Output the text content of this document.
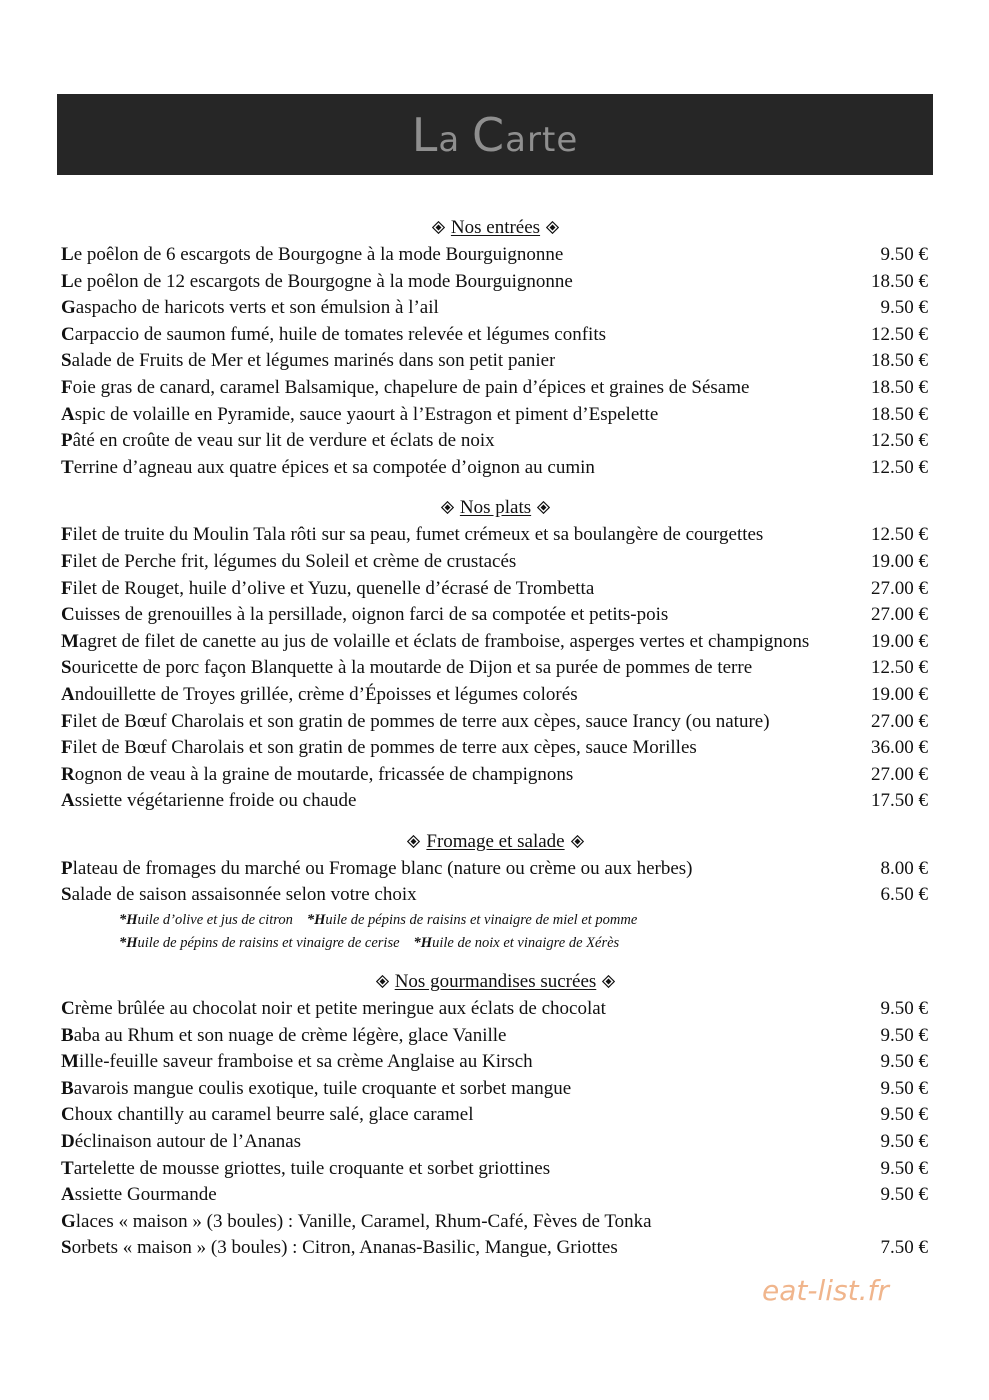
La Carte
Nos entrées
Le poêlon de 6 escargots de Bourgogne à la mode Bourguignonne	9.50 €
Le poêlon de 12 escargots de Bourgogne à la mode Bourguignonne	18.50 €
Gaspacho de haricots verts et son émulsion à l’ail	9.50 €
Carpaccio de saumon fumé, huile de tomates relevée et légumes confits	12.50 €
Salade de Fruits de Mer et légumes marinés dans son petit panier	18.50 €
Foie gras de canard, caramel Balsamique, chapelure de pain d’épices et graines de Sésame	18.50 €
Aspic de volaille en Pyramide, sauce yaourt à l’Estragon et piment d’Espelette	18.50 €
Pâté en croûte de veau sur lit de verdure et éclats de noix	12.50 €
Terrine d’agneau aux quatre épices et sa compotée d’oignon au cumin	12.50 €
Nos plats
Filet de truite du Moulin Tala rôti sur sa peau, fumet crémeux et sa boulangère de courgettes	12.50 €
Filet de Perche frit, légumes du Soleil et crème de crustacés	19.00 €
Filet de Rouget, huile d’olive et Yuzu, quenelle d’écrasé de Trombetta	27.00 €
Cuisses de grenouilles à la persillade, oignon farci de sa compotée et petits-pois	27.00 €
Magret de filet de canette au jus de volaille et éclats de framboise, asperges vertes et champignons	19.00 €
Souricette de porc façon Blanquette à la moutarde de Dijon et sa purée de pommes de terre	12.50 €
Andouillette de Troyes grillée, crème d’Époisses et légumes colorés	19.00 €
Filet de Bœuf Charolais et son gratin de pommes de terre aux cèpes, sauce Irancy (ou nature)	27.00 €
Filet de Bœuf Charolais et son gratin de pommes de terre aux cèpes, sauce Morilles	36.00 €
Rognon de veau à la graine de moutarde, fricassée de champignons	27.00 €
Assiette végétarienne froide ou chaude	17.50 €
Fromage et salade
Plateau de fromages du marché ou Fromage blanc (nature ou crème ou aux herbes)	8.00 €
Salade de saison assaisonnée selon votre choix	6.50 €
*Huile d’olive et jus de citron *Huile de pépins de raisins et vinaigre de miel et pomme
*Huile de pépins de raisins et vinaigre de cerise *Huile de noix et vinaigre de Xérès
Nos gourmandises sucrées
Crème brûlée au chocolat noir et petite meringue aux éclats de chocolat	9.50 €
Baba au Rhum et son nuage de crème légère, glace Vanille	9.50 €
Mille-feuille saveur framboise et sa crème Anglaise au Kirsch	9.50 €
Bavarois mangue coulis exotique, tuile croquante et sorbet mangue	9.50 €
Choux chantilly au caramel beurre salé, glace caramel	9.50 €
Déclinaison autour de l’Ananas	9.50 €
Tartelette de mousse griottes, tuile croquante et sorbet griottines	9.50 €
Assiette Gourmande	9.50 €
Glaces « maison » (3 boules) : Vanille, Caramel, Rhum-Café, Fèves de Tonka
Sorbets « maison » (3 boules) : Citron, Ananas-Basilic, Mangue, Griottes	7.50 €
eat-list.fr
